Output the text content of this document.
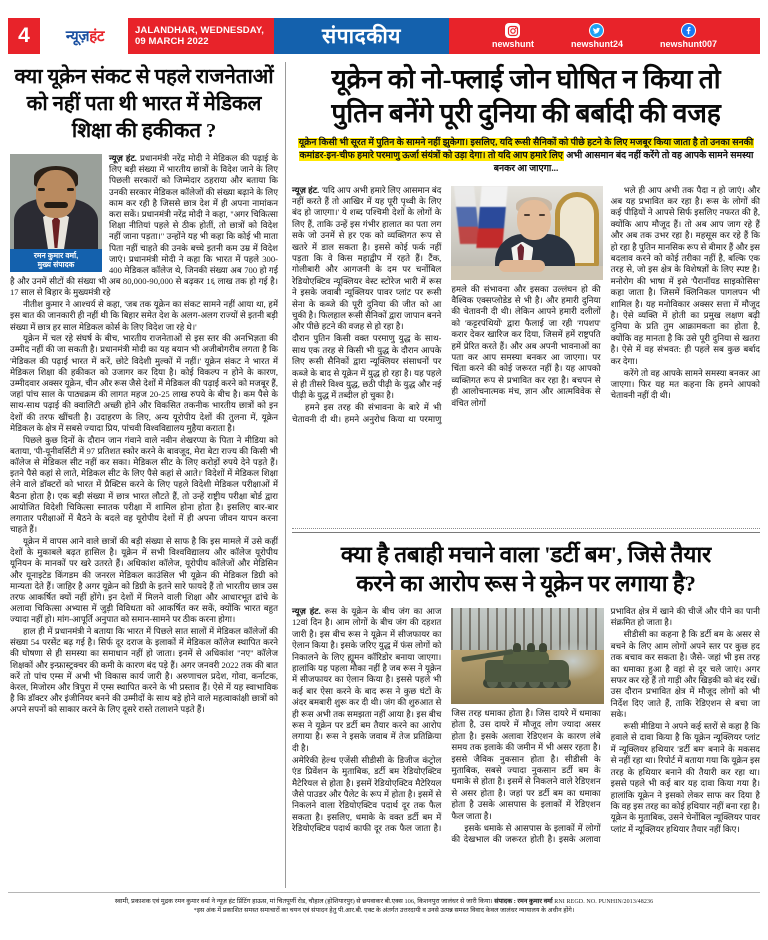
4	न्यूज़हंट	JALANDHAR, WEDNESDAY,
09 MARCH 2022	संपादकीय	newshunt	newshunt24	newshunt007
क्या यूक्रेन संकट से पहले राजनेताओं को नहीं पता थी भारत में मेडिकल शिक्षा की हकीकत ?
रमन कुमार वर्मा,
मुख्य संपादक

न्यूज़ हंट. प्रधानमंत्री नरेंद्र मोदी ने मेडिकल की पढ़ाई के लिए बड़ी संख्या में भारतीय छात्रों के विदेश जाने के लिए पिछली सरकारों को जिम्मेदार ठहराया और बताया कि उनकी सरकार मेडिकल कॉलेजों की संख्या बढ़ाने के लिए काम कर रही है जिससे छात्र देश में ही अपना नामांकन करा सकें। प्रधानमंत्री नरेंद्र मोदी ने कहा, "अगर चिकित्सा शिक्षा नीतियां पहले से ठीक होतीं, तो छात्रों को विदेश नहीं जाना पड़ता।" उन्होंने यह भी कहा कि कोई भी माता पिता नहीं चाहते की उनके बच्चे इतनी कम उम्र में विदेश जाएं। प्रधानमंत्री मोदी ने कहा कि भारत में पहले 300-400 मेडिकल कॉलेज थे, जिनकी संख्या अब 700 हो गई है और उनमें सीटों की संख्या भी अब 80,000-90,000 से बढ़कर 1६ लाख तक हो गई है। 17 साल से बिहार के मुख्यमंत्री रहे

नीतीश कुमार ने आश्चर्य से कहा, 'जब तक यूक्रेन का संकट सामने नहीं आया था, हमें इस बात की जानकारी ही नहीं थी कि बिहार समेत देश के अलग-अलग राज्यों से इतनी बड़ी संख्या में छात्र हर साल मेडिकल कोर्स के लिए विदेश जा रहे थे।'

यूक्रेन में चल रहे संघर्ष के बीच, भारतीय राजनेताओं से इस स्तर की अनभिज्ञता की उम्मीद नहीं की जा सकती है। प्रधानमंत्री मोदी का यह बयान भी अजीबोगरीब लगता है कि 'मेडिकल की पढ़ाई भारत में करें, छोटे विदेशी मुल्कों में नहीं।' यूक्रेन संकट ने भारत में मेडिकल शिक्षा की हकीकत को उजागर कर दिया है। कोई विकल्प न होने के कारण, उम्मीदवार अक्सर यूक्रेन, चीन और रूस जैसे देशों में मेडिकल की पढ़ाई करने को मजबूर हैं, जहां पांच साल के पाठ्यक्रम की लागत महज 20-25 लाख रुपये के बीच है। कम पैसे के साथ-साथ पढ़ाई की क्वालिटी अच्छी होने और विकसित तकनीक भारतीय छात्रों को इन देशों की तरफ खींचती है। उदाहरण के लिए, अन्य यूरोपीय देशों की तुलना में, यूक्रेन मेडिकल के क्षेत्र में सबसे ज्यादा प्रिय, पांचवी विश्वविद्यालय मुहैया कराता है।

पिछले कुछ दिनों के दौरान जान गंवाने वाले नवीन शेखरप्पा के पिता ने मीडिया को बताया, 'पी-यूनीवर्सिटी में 97 प्रतिशत स्कोर करने के बावजूद, मेरा बेटा राज्य की किसी भी कॉलेज से मेडिकल सीट नहीं कर सका। मेडिकल सीट के लिए करोड़ों रुपये देने पड़ते हैं। इतने पैसे कहां से लाते, मेडिकल सीट के लिए पैसे कहां से आते।' विदेशों में मेडिकल शिक्षा लेने वाले डॉक्टरों को भारत में प्रैक्टिस करने के लिए पहले विदेशी मेडिकल परीक्षाओं में बैठना होता है। एक बड़ी संख्या में छात्र भारत लौटते हैं, तो उन्हें राष्ट्रीय परीक्षा बोर्ड द्वारा आयोजित विदेशी चिकित्सा स्नातक परीक्षा में शामिल होना होता है। इसलिए बार-बार लगातार परीक्षाओं में बैठने के बदले वह यूरोपीय देशों में ही अपना जीवन यापन करना चाहते हैं।

यूक्रेन में वापस आने वाले छात्रों की बड़ी संख्या से साफ है कि इस मामले में उसे कहीं देशों के मुकाबले बढ़त हासिल है। यूक्रेन में सभी विश्वविद्यालय और कॉलेज यूरोपीय यूनियन के मानकों पर खरे उतरते हैं। अधिकांश कॉलेज, यूरोपीय कॉलेजों और मेडिसिन और यूनाइटेड किंगडम की जनरल मेडिकल काउंसिल भी यूक्रेन की मेडिकल डिग्री को मान्यता देते हैं। जाहिर है अगर यूक्रेन को डिग्री के इतने सारे फायदे हैं तो भारतीय छात्र उस तरफ आकर्षित क्यों नहीं होंगे। इन देशों में मिलने वाली शिक्षा और आधारभूत ढांचे के अलावा चिकित्सा अभ्यास में जुड़ी विविधता को आकर्षित कर सकें, क्योंकि भारत बहुत ज्यादा नहीं हो। मांग-आपूर्ति अनुपात को समान-सामने पर ठीक करना होगा।

हाल ही में प्रधानमंत्री ने बताया कि भारत में पिछले सात सालों में मेडिकल कॉलेजों की संख्या 54 परसेंट बढ़ गई है। सिर्फ दूर दराज के इलाकों में मेडिकल कॉलेज स्थापित करने की घोषणा से ही समस्या का समाधान नहीं हो जाता। इनमें से अधिकांश "नए" कॉलेज शिक्षकों और इन्फ्रास्ट्रक्चर की कमी के कारण बंद पड़े हैं। अगर जनवरी 2022 तक की बात करें तो पांच एम्स में अभी भी विकास कार्य जारी है। अरुणाचल प्रदेश, गोवा, कर्नाटक, केरल, मिजोरम और त्रिपुरा में एम्स स्थापित करने के भी प्रस्ताव हैं। ऐसे में यह स्वाभाविक है कि डॉक्टर और इंजीनियर बनने की उम्मीदों के साथ बड़े होने वाले महत्वाकांक्षी छात्रों को अपने सपनों को साकार करने के लिए दूसरे रास्ते तलाशने पड़ते हैं।

यूक्रेन को नो-फ्लाई जोन घोषित न किया तो
पुतिन बनेंगे पूरी दुनिया की बर्बादी की वजह
यूक्रेन किसी भी सूरत में पुतिन के सामने नहीं झुकेगा। इसलिए, यदि रूसी सैनिकों को पीछे हटने के लिए मजबूर किया जाता है तो उनका सनकी कमांडर-इन-चीफ हमारे परमाणु ऊर्जा संयंत्रों को उड़ा देगा। तो यदि आप हमारे लिए अभी आसमान बंद नहीं करेंगे तो वह आपके सामने समस्या बनकर आ जाएगा...

न्यूज़ हंट. 'यदि आप अभी हमारे लिए आसमान बंद नहीं करते हैं तो आखिर में यह पूरी पृथ्वी के लिए बंद हो जाएगा।' ये शब्द पश्चिमी देशों के लोगों के लिए हैं, ताकि उन्हें इस गंभीर हालात का पता लग सके जो उनमें से हर एक को व्यक्तिगत रूप से खतरे में डाल सकता है। इससे कोई फर्क नहीं पड़ता कि वे किस महाद्वीप में रहते हैं। टैंक, गोलीबारी और आगजनी के दम पर चर्नोबिल रेडियोएक्टिव न्यूक्लियर वेस्ट स्टोरेज भारी में रूस ने इसके जवाबी न्यूक्लियर पावर प्लांट पर रूसी सेना के कब्जे की पूरी दुनिया की जीत को आ चुकी है। फिलहाल रूसी सैनिकों द्वारा जापान बनने और पीछे हटने की वजह से हो रहा है।

दौरान पुतिन किसी वक्त परमाणु युद्ध के साथ-साथ एक तरह से किसी भी युद्ध के दौरान आपके लिए रूसी सैनिकों द्वारा न्यूक्लियर संसाधनों पर कब्जे के बाद से यूक्रेन में युद्ध हो रहा है। यह पहले से ही तीसरे विश्व युद्ध, छठी पीढ़ी के युद्ध और नई पीढ़ी के युद्ध में तब्दील हो चुका है।

हमने इस तरह की संभावना के बारे में भी चेतावनी दी थी। हमने अनुरोध किया था परमाणु हमले की संभावना और इसका उल्लंघन हो की वैश्विक एक्सप्लोडेड से भी है। और हमारी दुनिया की चेतावनी दी थी। लेकिन आपने हमारी दलीलों को 'कट्टरपंथियों' द्वारा फैलाई जा रही 'गपशप' करार देकर खारिज कर दिया, जिसमें हमें राष्ट्रपति हमें प्रेरित करते हैं। और अब अपनी भावनाओं का पता कर आप समस्या बनकर आ जाएगा। पर चिंता करने की कोई जरूरत नहीं है। यह आपको व्यक्तिगत रूप से प्रभावित कर रहा है। बचपन से ही आलोचनात्मक मंच, ज्ञान और आत्मविवेक से वंचित लोगों

भले ही आप अभी तक पैदा न हो जाएं। और अब यह प्रभावित कर रहा है। रूस के लोगों की कई पीढ़ियों ने आपसे सिर्फ इसलिए नफरत की है, क्योंकि आप मौजूद हैं। तो अब आप जाग रहे हैं और अब तक उभर रहा है। महसूस कर रहे हैं कि हो रहा है पुतिन मानसिक रूप से बीमार हैं और इस बदलाव करने को कोई तरीका नहीं है, बल्कि एक तरह से, जो इस क्षेत्र के विशेषज्ञों के लिए स्पष्ट है। मनोरोग की भाषा में इसे 'पैरानॉयड साइकोसिस' कहा जाता है। जिसमें क्लिनिकल पागलपन भी शामिल है। यह मनोविकार अक्सर सत्ता में मौजूद है। ऐसे व्यक्ति में होती का प्रमुख लक्षण बढ़ी दुनिया के प्रति तुम आक्रामकता का होता है, क्योंकि वह मानता है कि उसे पूरी दुनिया से खतरा है। ऐसे में वह संभवत: ही पहले सब कुछ बर्बाद कर देगा।

करेंगे तो वह आपके सामने समस्या बनकर आ जाएगा। फिर यह मत कहना कि हमने आपको चेतावनी नहीं दी थी।

क्या है तबाही मचाने वाला 'डर्टी बम', जिसे तैयार
करने का आरोप रूस ने यूक्रेन पर लगाया है?

न्यूज़ हंट. रूस के यूक्रेन के बीच जंग का आज 12वां दिन है। आम लोगों के बीच जंग की दहशत जारी है। इस बीच रूस ने यूक्रेन में सीजफायर का ऐलान किया है। इसके जरिए युद्ध में फंस लोगों को निकालने के लिए ह्यूमन कॉरिडोर बनाया जाएगा। हालांकि यह पहला मौका नहीं है जब रूस ने यूक्रेन में सीजफायर का ऐलान किया है। इससे पहले भी कई बार ऐसा करने के बाद रूस ने कुछ घंटों के अंदर बमबारी शुरू कर दी थी। जंग की शुरुआत से ही रूस अभी तक समझता नहीं आया है। इस बीच रूस ने यूक्रेन पर डर्टी बम तैयार करने का आरोप लगाया है। रूस ने इसके जवाब में तेज प्रतिक्रिया दी है।

अमेरिकी हेल्थ एजेंसी सीडीसी के डिजीज कंट्रोल एंड प्रिवेंशन के मुताबिक, डर्टी बम रेडियोएक्टिव मैटेरियल से होता है। इसमें रेडियोएक्टिव मैटेरियल जैसे पाउडर और पैलेट के रूप में होता है। इसमें से निकलने वाला रेडियोएक्टिव पदार्थ दूर तक फैल सकता है। इसलिए, धमाके के वक्त डर्टी बम में रेडियोएक्टिव पदार्थ काफी दूर तक फैल जाता है। जिस तरह धमाका होता है। जिस दायरे में धमाका होता है, उस दायरे में मौजूद लोग ज्यादा असर होता है। इसके अलावा रेडिएशन के कारण लंबे समय तक इलाके की जमीन में भी असर रहता है। इससे जैविक नुकसान होता है। सीडीसी के मुताबिक, सबसे ज्यादा नुकसान डर्टी बम के धमाके से होता है। इसमें से निकलने वाले रेडिएशन से असर होता है। जहां पर डर्टी बम का धमाका होता है उसके आसपास के इलाकों में रेडिएशन फैल जाता है।

इसके धमाके से आसपास के इलाकों में लोगों की देखभाल की जरूरत होती है। इसके अलावा प्रभावित क्षेत्र में खाने की चीजें और पीने का पानी संक्रमित हो जाता है।

सीडीसी का कहना है कि डर्टी बम के असर से बचने के लिए आम लोगों अपने स्तर पर कुछ हद तक बचाव कर सकता है। जैसे- जहां भी इस तरह का धमाका हुआ है वहां से दूर चले जाएं। अगर सफर कर रहे हैं तो गाड़ी और खिड़की को बंद रखें। उस दौरान प्रभावित क्षेत्र में मौजूद लोगों को भी निर्देश दिए जाते हैं, ताकि रेडिएशन से बचा जा सके।

रूसी मीडिया ने अपने कई स्तरों से कहा है कि हवाले से दावा किया है कि यूक्रेन न्यूक्लियर प्लांट में न्यूक्लियर हथियार 'डर्टी बम' बनाने के मकसद से नहीं रहा था। रिपोर्ट में बताया गया कि यूक्रेन इस तरह के हथियार बनाने की तैयारी कर रहा था। इससे पहले भी कई बार यह दावा किया गया है। हालांकि यूक्रेन ने इसको लेकर साफ कर दिया है कि वह इस तरह का कोई हथियार नहीं बना रहा है। यूक्रेन के मुताबिक, उसने चेर्नोबिल न्यूक्लियर पावर प्लांट में न्यूक्लियर हथियार तैयार नहीं किए।

स्वामी, प्रकाशक एवं मुद्रक रमन कुमार वर्मा ने न्यूज़ हंट प्रिंटिंग हाऊस, मां चितपूर्णी रोड, चौहाल (होशियारपुर) से छपवाकर बी.एक्स 106, किशनपुरा जालंधर से जारी किया। संपादक : रमन कुमार वर्मा RNI REGD. NO. PUNHIN/2013/48236
*इस अंक में प्रकाशित समस्त समाचारों का चयन एवं संपादन हेतु पी.आर.बी. एक्ट के अंतर्गत उत्तरदायी व उनसे उत्पन्न समस्त विवाद केवल जालंधर न्यायालय के अधीन होंगे।
